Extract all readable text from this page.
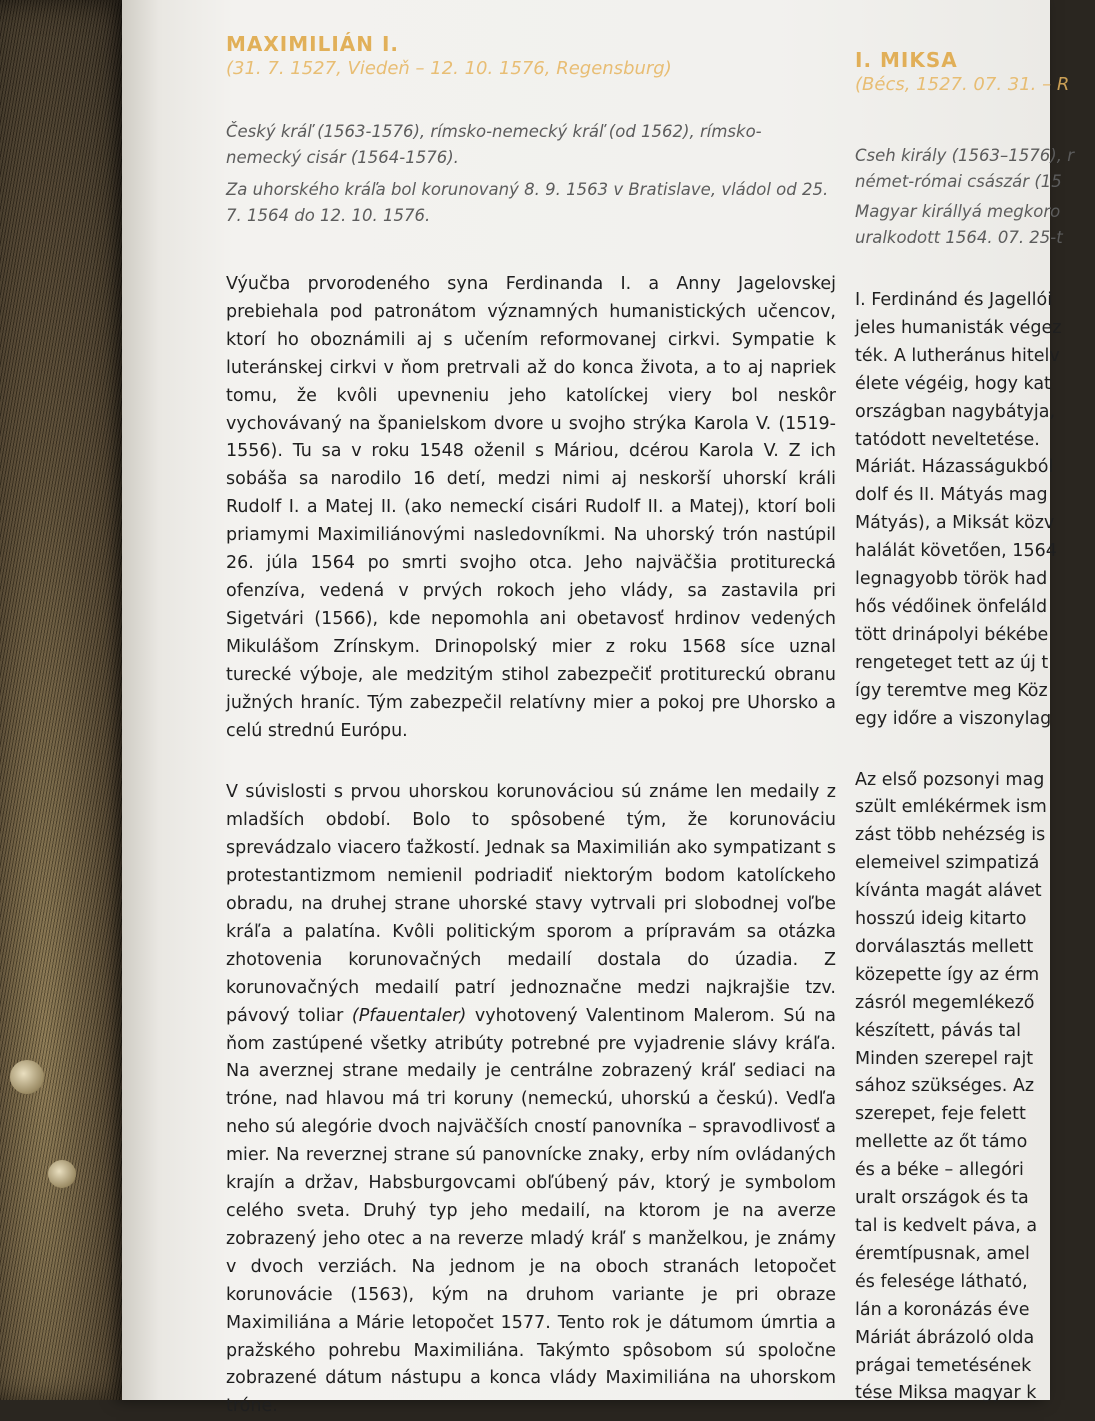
MAXIMILIÁN I.

(31. 7. 1527, Viedeň – 12. 10. 1576, Regensburg)

Český kráľ (1563-1576), rímsko-nemecký kráľ (od 1562), rímsko-nemecký cisár (1564-1576).

Za uhorského kráľa bol korunovaný 8. 9. 1563 v Bratislave, vládol od 25. 7. 1564 do 12. 10. 1576.

Výučba prvorodeného syna Ferdinanda I. a Anny Jagelovskej prebiehala pod patronátom významných humanistických učencov, ktorí ho oboznámili aj s učením reformovanej cirkvi. Sympatie k luteránskej cirkvi v ňom pretrvali až do konca života, a to aj napriek tomu, že kvôli upevneniu jeho katolíckej viery bol neskôr vychovávaný na španielskom dvore u svojho strýka Karola V. (1519-1556). Tu sa v roku 1548 oženil s Máriou, dcérou Karola V. Z ich sobáša sa narodilo 16 detí, medzi nimi aj neskorší uhorskí králi Rudolf I. a Matej II. (ako nemeckí cisári Rudolf II. a Matej), ktorí boli priamymi Maximiliánovými nasledovníkmi. Na uhorský trón nastúpil 26. júla 1564 po smrti svojho otca. Jeho najväčšia protiturecká ofenzíva, vedená v prvých rokoch jeho vlády, sa zastavila pri Sigetvári (1566), kde nepomohla ani obetavosť hrdinov vedených Mikulášom Zrínskym. Drinopolský mier z roku 1568 síce uznal turecké výboje, ale medzitým stihol zabezpečiť protitureckú obranu južných hraníc. Tým zabezpečil relatívny mier a pokoj pre Uhorsko a celú strednú Európu.

V súvislosti s prvou uhorskou korunováciou sú známe len medaily z mladších období. Bolo to spôsobené tým, že korunováciu sprevádzalo viacero ťažkostí. Jednak sa Maximilián ako sympatizant s protestantizmom nemienil podriadiť niektorým bodom katolíckeho obradu, na druhej strane uhorské stavy vytrvali pri slobodnej voľbe kráľa a palatína. Kvôli politickým sporom a prípravám sa otázka zhotovenia korunovačných medailí dostala do úzadia. Z korunovačných medailí patrí jednoznačne medzi najkrajšie tzv. pávový toliar (Pfauentaler) vyhotovený Valentinom Malerom. Sú na ňom zastúpené všetky atribúty potrebné pre vyjadrenie slávy kráľa. Na averznej strane medaily je centrálne zobrazený kráľ sediaci na tróne, nad hlavou má tri koruny (nemeckú, uhorskú a českú). Vedľa neho sú alegórie dvoch najväčších cností panovníka – spravodlivosť a mier. Na reverznej strane sú panovnícke znaky, erby ním ovládaných krajín a držav, Habsburgovcami obľúbený páv, ktorý je symbolom celého sveta. Druhý typ jeho medailí, na ktorom je na averze zobrazený jeho otec a na reverze mladý kráľ s manželkou, je známy v dvoch verziách. Na jednom je na oboch stranách letopočet korunovácie (1563), kým na druhom variante je pri obraze Maximiliána a Márie letopočet 1577. Tento rok je dátumom úmrtia a pražského pohrebu Maximiliána. Takýmto spôsobom sú spoločne zobrazené dátum nástupu a konca vlády Maximiliána na uhorskom tróne.

I. MIKSA

(Bécs, 1527. 07. 31. – R

Cseh király (1563–1576), r
német-római császár (15
Magyar királlyá megkoro
uralkodott 1564. 07. 25-t

I. Ferdinánd és Jagellói

jeles humanisták végez

ték. A lutheránus hitelv

élete végéig, hogy kat

országban nagybátyja,

tatódott neveltetése.

Máriát. Házasságukból

dolf és II. Mátyás mag

Mátyás), a Miksát közv

halálát követően, 1564

legnagyobb török had

hős védőinek önfeláld

tött drinápolyi békébe

rengeteget tett az új t

így teremtve meg Köz

egy időre a viszonylag

Az első pozsonyi mag

szült emlékérmek ism

zást több nehézség is

elemeivel szimpatizá

kívánta magát alávet

hosszú ideig kitarto

dorválasztás mellett

közepette így az érm

zásról megemlékező

készített, pávás tal

Minden szerepel rajt

sához szükséges. Az

szerepet, feje felett

mellette az őt támo

és a béke – allegóri

uralt országok és ta

tal is kedvelt páva, a

éremtípusnak, amel

és felesége látható,

lán a koronázás éve

Máriát ábrázoló olda

prágai temetésének

tése Miksa magyar k
